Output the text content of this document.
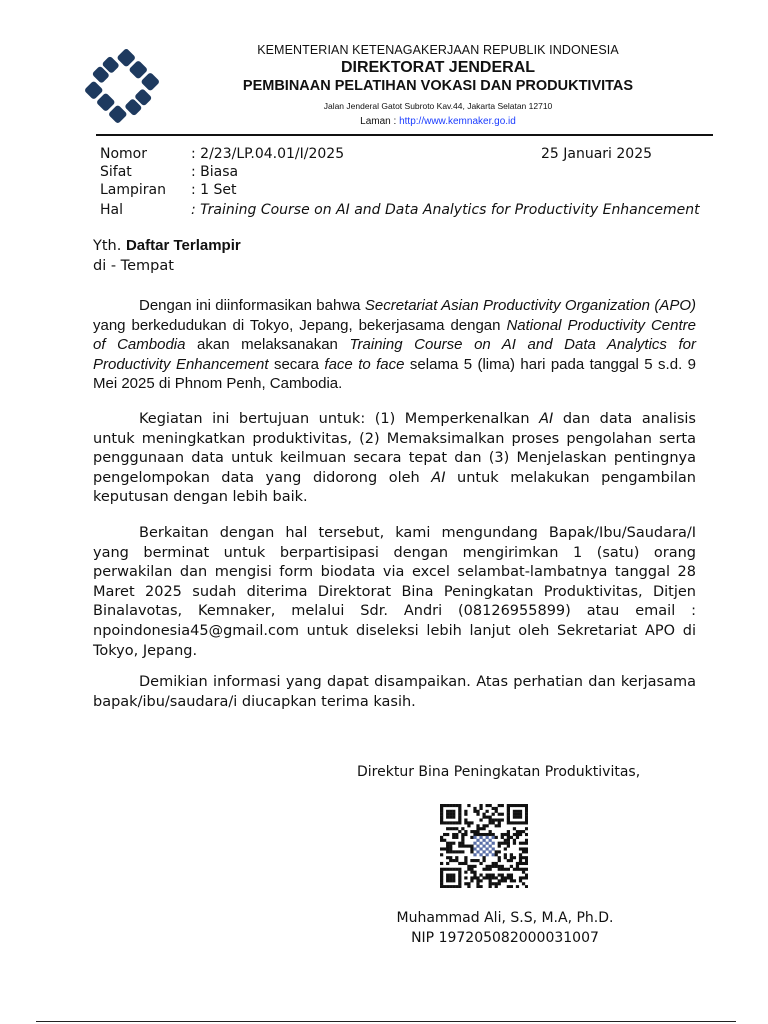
KEMENTERIAN KETENAGAKERJAAN REPUBLIK INDONESIA
DIREKTORAT JENDERAL
PEMBINAAN PELATIHAN VOKASI DAN PRODUKTIVITAS
Jalan Jenderal Gatot Subroto Kav.44, Jakarta Selatan 12710
Laman : http://www.kemnaker.go.id
Nomor	: 2/23/LP.04.01/I/2025	25 Januari 2025
Sifat	: Biasa
Lampiran : 1 Set
Hal	: Training Course on AI and Data Analytics for Productivity Enhancement
Yth. Daftar Terlampir
di - Tempat
Dengan ini diinformasikan bahwa Secretariat Asian Productivity Organization (APO) yang berkedudukan di Tokyo, Jepang, bekerjasama dengan National Productivity Centre of Cambodia akan melaksanakan Training Course on AI and Data Analytics for Productivity Enhancement secara face to face selama 5 (lima) hari pada tanggal 5 s.d. 9 Mei 2025 di Phnom Penh, Cambodia.
Kegiatan ini bertujuan untuk: (1) Memperkenalkan AI dan data analisis untuk meningkatkan produktivitas, (2) Memaksimalkan proses pengolahan serta penggunaan data untuk keilmuan secara tepat dan (3) Menjelaskan pentingnya pengelompokan data yang didorong oleh AI untuk melakukan pengambilan keputusan dengan lebih baik.
Berkaitan dengan hal tersebut, kami mengundang Bapak/Ibu/Saudara/I yang berminat untuk berpartisipasi dengan mengirimkan 1 (satu) orang perwakilan dan mengisi form biodata via excel selambat-lambatnya tanggal 28 Maret 2025 sudah diterima Direktorat Bina Peningkatan Produktivitas, Ditjen Binalavotas, Kemnaker, melalui Sdr. Andri (08126955899) atau email : npoindonesia45@gmail.com untuk diseleksi lebih lanjut oleh Sekretariat APO di Tokyo, Jepang.
Demikian informasi yang dapat disampaikan. Atas perhatian dan kerjasama bapak/ibu/saudara/i diucapkan terima kasih.
Direktur Bina Peningkatan Produktivitas,
Muhammad Ali, S.S, M.A, Ph.D.
NIP 197205082000031007
